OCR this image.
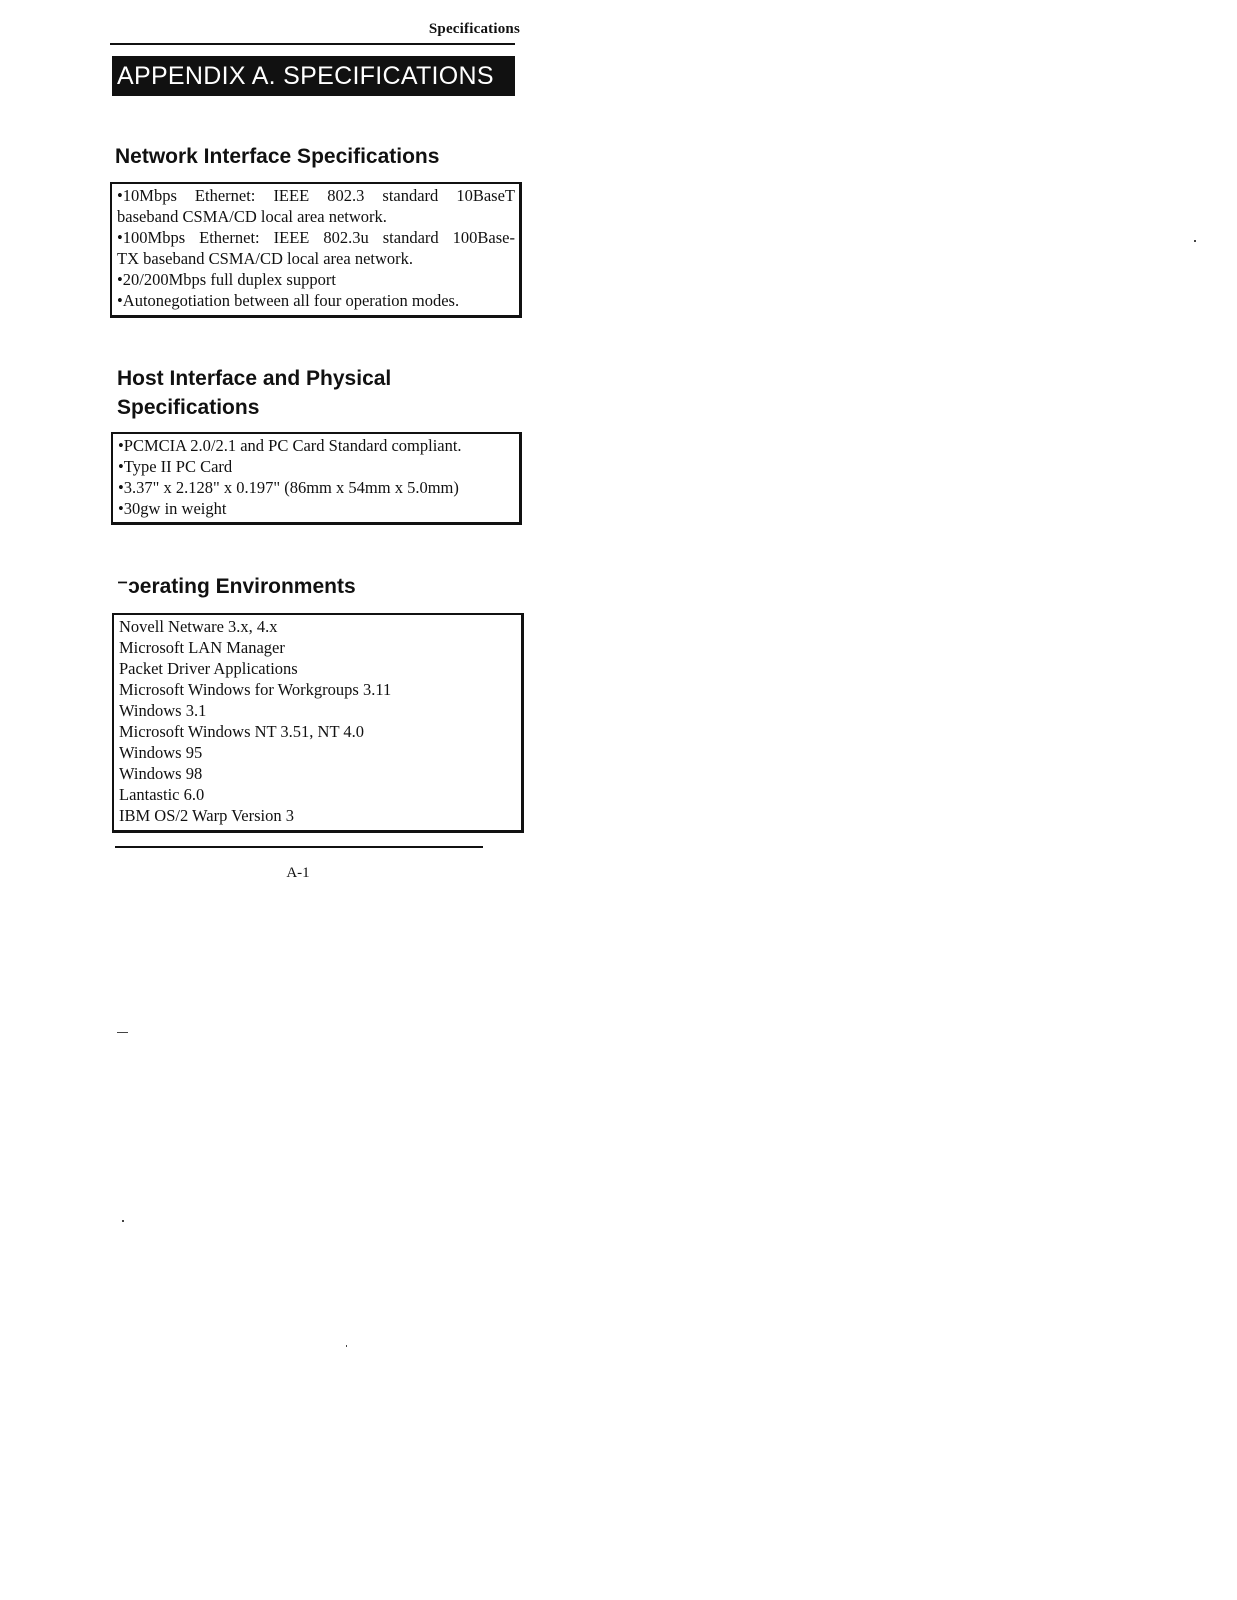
Specifications
APPENDIX A. SPECIFICATIONS
Network Interface Specifications
•10Mbps Ethernet: IEEE 802.3 standard 10BaseT
baseband CSMA/CD local area network.
•100Mbps Ethernet: IEEE 802.3u standard 100Base-
TX baseband CSMA/CD local area network.
•20/200Mbps full duplex support
•Autonegotiation between all four operation modes.
Host Interface and Physical
Specifications
•PCMCIA 2.0/2.1 and PC Card Standard compliant.
•Type II PC Card
•3.37" x 2.128" x 0.197" (86mm x 54mm x 5.0mm)
•30gw in weight
⁻ɔerating Environments
Novell Netware 3.x, 4.x
Microsoft LAN Manager
Packet Driver Applications
Microsoft Windows for Workgroups 3.11
Windows 3.1
Microsoft Windows NT 3.51, NT 4.0
Windows 95
Windows 98
Lantastic 6.0
IBM OS/2 Warp Version 3
A-1
